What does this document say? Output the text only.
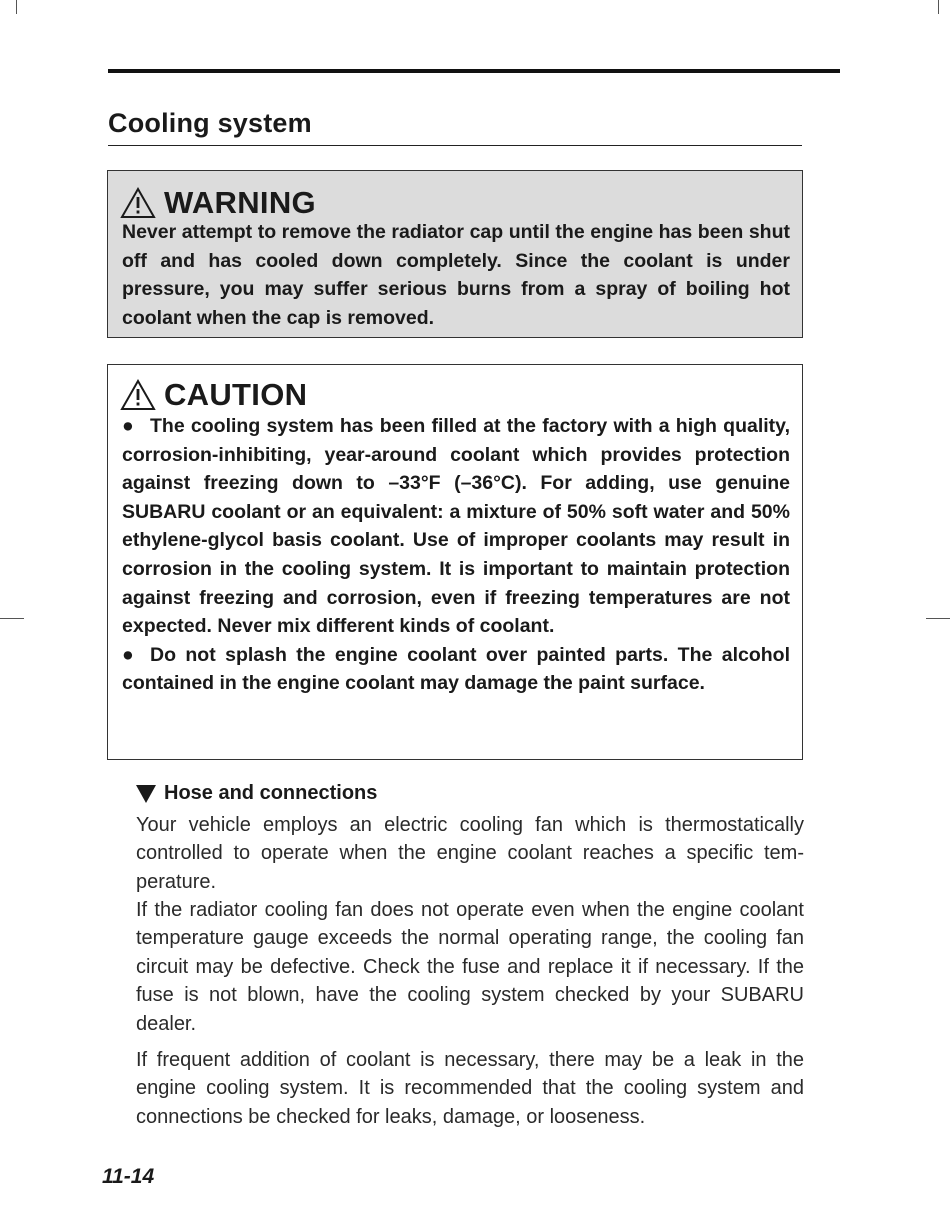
Cooling system
WARNING
Never attempt to remove the radiator cap until the engine has been shut off and has cooled down completely. Since the coolant is under pressure, you may suffer serious burns from a spray of boiling hot coolant when the cap is removed.
CAUTION

● The cooling system has been filled at the factory with a high quality, corrosion-inhibiting, year-around coolant which provides protection against freezing down to –33°F (–36°C). For adding, use genuine SUBARU coolant or an equivalent: a mixture of 50% soft water and 50% ethylene-glycol basis coolant. Use of improper coolants may result in corrosion in the cooling system. It is important to maintain protection against freezing and corrosion, even if freezing temperatures are not expected. Never mix different kinds of coolant.

● Do not splash the engine coolant over painted parts. The alcohol contained in the engine coolant may damage the paint surface.

Hose and connections

Your vehicle employs an electric cooling fan which is thermostatically controlled to operate when the engine coolant reaches a specific temperature.

If the radiator cooling fan does not operate even when the engine coolant temperature gauge exceeds the normal operating range, the cooling fan circuit may be defective. Check the fuse and replace it if necessary. If the fuse is not blown, have the cooling system checked by your SUBARU dealer.

If frequent addition of coolant is necessary, there may be a leak in the engine cooling system. It is recommended that the cooling system and connections be checked for leaks, damage, or looseness.

11-14
